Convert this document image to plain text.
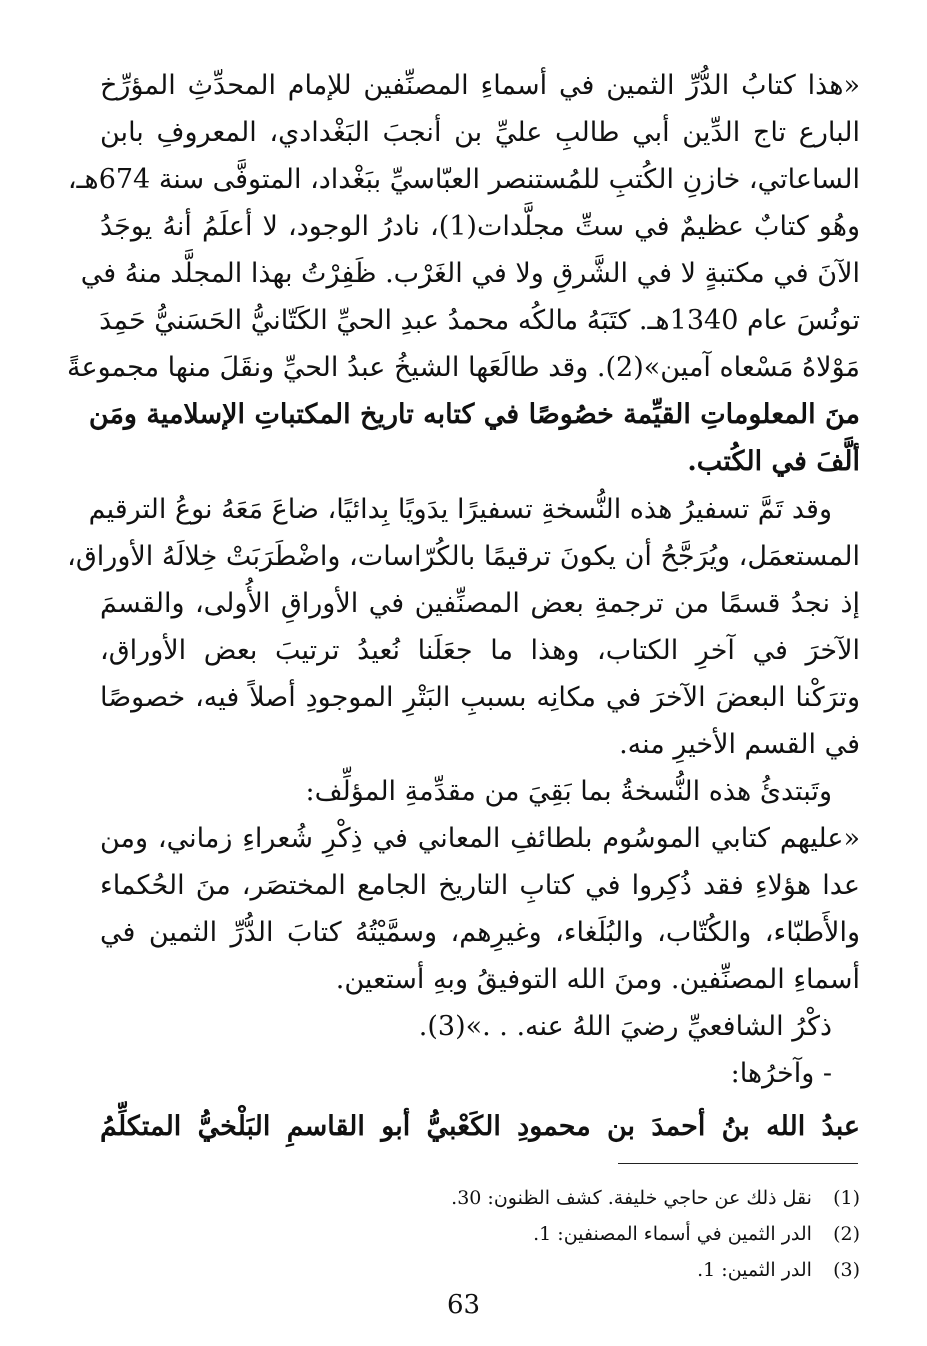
«هذا كتابُ الدُّرِّ الثمين في أسماءِ المصنِّفين للإمام المحدِّثِ المؤرِّخ
البارع تاج الدِّين أبي طالبِ عليِّ بن أنجبَ البَغْدادي، المعروفِ بابن
الساعاتي، خازنِ الكُتبِ للمُستنصر العبّاسيِّ ببَغْداد، المتوفَّى سنة 674هـ،
وهُو كتابٌ عظيمٌ في ستِّ مجلَّدات(1)، نادرُ الوجود، لا أعلَمُ أنهُ يوجَدُ
الآنَ في مكتبةٍ لا في الشَّرقِ ولا في الغَرْب. ظَفِرْتُ بهذا المجلَّد منهُ في
تونُسَ عام 1340هـ. كتَبَهُ مالكُه محمدُ عبدِ الحيِّ الكَتّانيُّ الحَسَنيُّ حَمِدَ
مَوْلاهُ مَسْعاه آمين»(2). وقد طالَعَها الشيخُ عبدُ الحيِّ ونقَلَ منها مجموعةً
منَ المعلوماتِ القيِّمة خصُوصًا في كتابه تاريخ المكتباتِ الإسلامية ومَن
ألَّفَ في الكُتب.

وقد تَمَّ تسفيرُ هذه النُّسخةِ تسفيرًا يدَويًا بِدائيًا، ضاعَ مَعَهُ نوعُ الترقيم
المستعمَل، ويُرَجَّحُ أن يكونَ ترقيمًا بالكُرّاسات، واضْطَرَبَتْ خِلالَهُ الأوراق،
إذ نجدُ قسمًا من ترجمةِ بعض المصنِّفين في الأوراقِ الأُولى، والقسمَ
الآخرَ في آخرِ الكتاب، وهذا ما جعَلَنا نُعيدُ ترتيبَ بعض الأوراق،
وترَكْنا البعضَ الآخرَ في مكانِه بسببِ البَتْرِ الموجودِ أصلاً فيه، خصوصًا
في القسم الأخيرِ منه.

وتَبتدئُ هذه النُّسخةُ بما بَقِيَ من مقدِّمةِ المؤلِّف:

«عليهم كتابي الموسُوم بلطائفِ المعاني في ذِكْرِ شُعراءِ زماني، ومن
عدا هؤلاءِ فقد ذُكِروا في كتابِ التاريخ الجامع المختصَر، منَ الحُكماء
والأَطبّاء، والكُتّاب، والبُلَغاء، وغيرِهم، وسمَّيْتُهُ كتابَ الدُّرِّ الثمين في
أسماءِ المصنِّفين. ومنَ الله التوفيقُ وبهِ أستعين.

ذكْرُ الشافعيِّ رضيَ اللهُ عنه. . .»(3).

- وآخرُها:

عبدُ الله بنُ أحمدَ بن محمودِ الكَعْبيُّ أبو القاسمِ البَلْخيُّ المتكلِّمُ

(1) نقل ذلك عن حاجي خليفة. كشف الظنون: 30.
(2) الدر الثمين في أسماء المصنفين: 1.
(3) الدر الثمين: 1.
63
